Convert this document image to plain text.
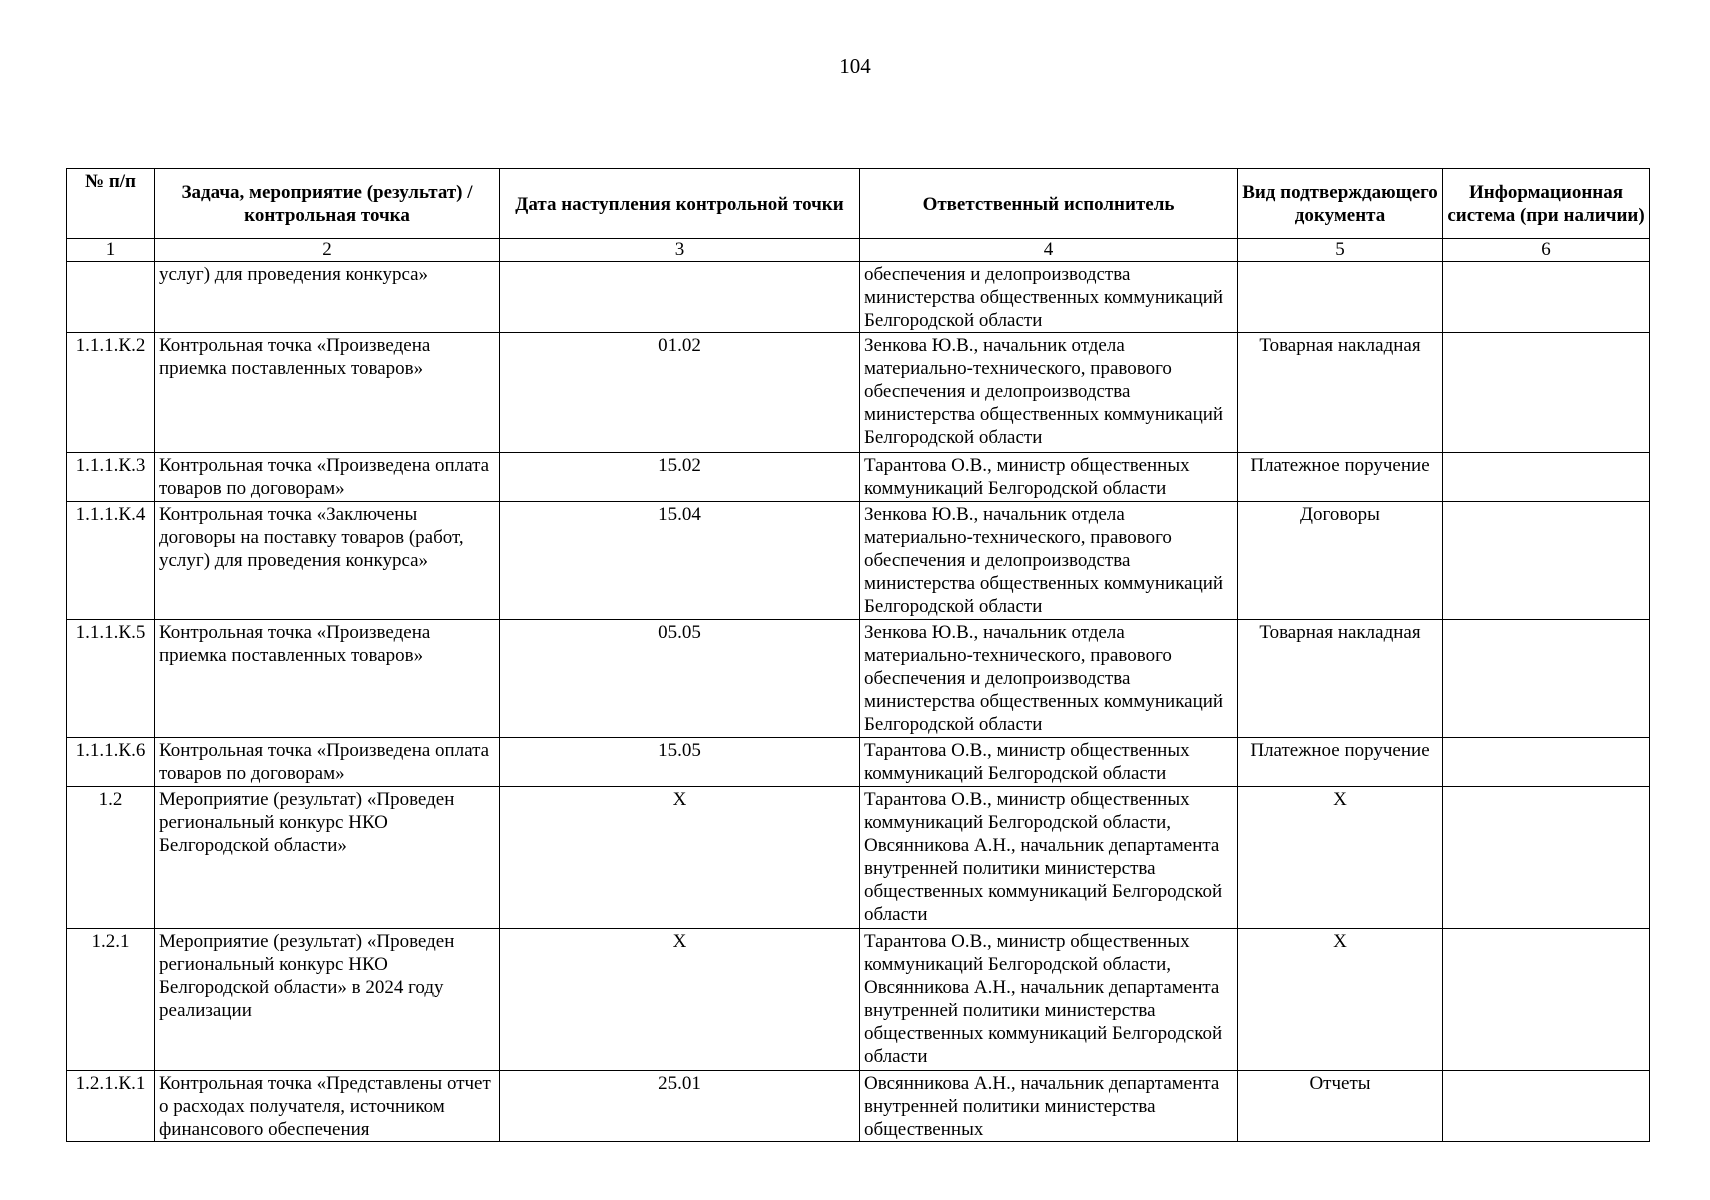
104
№ п/п	Задача, мероприятие (результат) / контрольная точка	Дата наступления контрольной точки	Ответственный исполнитель	Вид подтверждающего документа	Информационная система (при наличии)
1	2	3	4	5	6
	услуг) для проведения конкурса»		обеспечения и делопроизводства министерства общественных коммуникаций Белгородской области		
1.1.1.К.2	Контрольная точка «Произведена приемка поставленных товаров»	01.02	Зенкова Ю.В., начальник отдела материально-технического, правового обеспечения и делопроизводства министерства общественных коммуникаций Белгородской области	Товарная накладная	
1.1.1.К.3	Контрольная точка «Произведена оплата товаров по договорам»	15.02	Тарантова О.В., министр общественных коммуникаций Белгородской области	Платежное поручение	
1.1.1.К.4	Контрольная точка «Заключены договоры на поставку товаров (работ, услуг) для проведения конкурса»	15.04	Зенкова Ю.В., начальник отдела материально-технического, правового обеспечения и делопроизводства министерства общественных коммуникаций Белгородской области	Договоры	
1.1.1.К.5	Контрольная точка «Произведена приемка поставленных товаров»	05.05	Зенкова Ю.В., начальник отдела материально-технического, правового обеспечения и делопроизводства министерства общественных коммуникаций Белгородской области	Товарная накладная	
1.1.1.К.6	Контрольная точка «Произведена оплата товаров по договорам»	15.05	Тарантова О.В., министр общественных коммуникаций Белгородской области	Платежное поручение	
1.2	Мероприятие (результат) «Проведен региональный конкурс НКО Белгородской области»	X	Тарантова О.В., министр общественных коммуникаций Белгородской области, Овсянникова А.Н., начальник департамента внутренней политики министерства общественных коммуникаций Белгородской области	X	
1.2.1	Мероприятие (результат) «Проведен региональный конкурс НКО Белгородской области» в 2024 году реализации	X	Тарантова О.В., министр общественных коммуникаций Белгородской области, Овсянникова А.Н., начальник департамента внутренней политики министерства общественных коммуникаций Белгородской области	X	
1.2.1.К.1	Контрольная точка «Представлены отчет о расходах получателя, источником финансового обеспечения	25.01	Овсянникова А.Н., начальник департамента внутренней политики министерства общественных	Отчеты	
